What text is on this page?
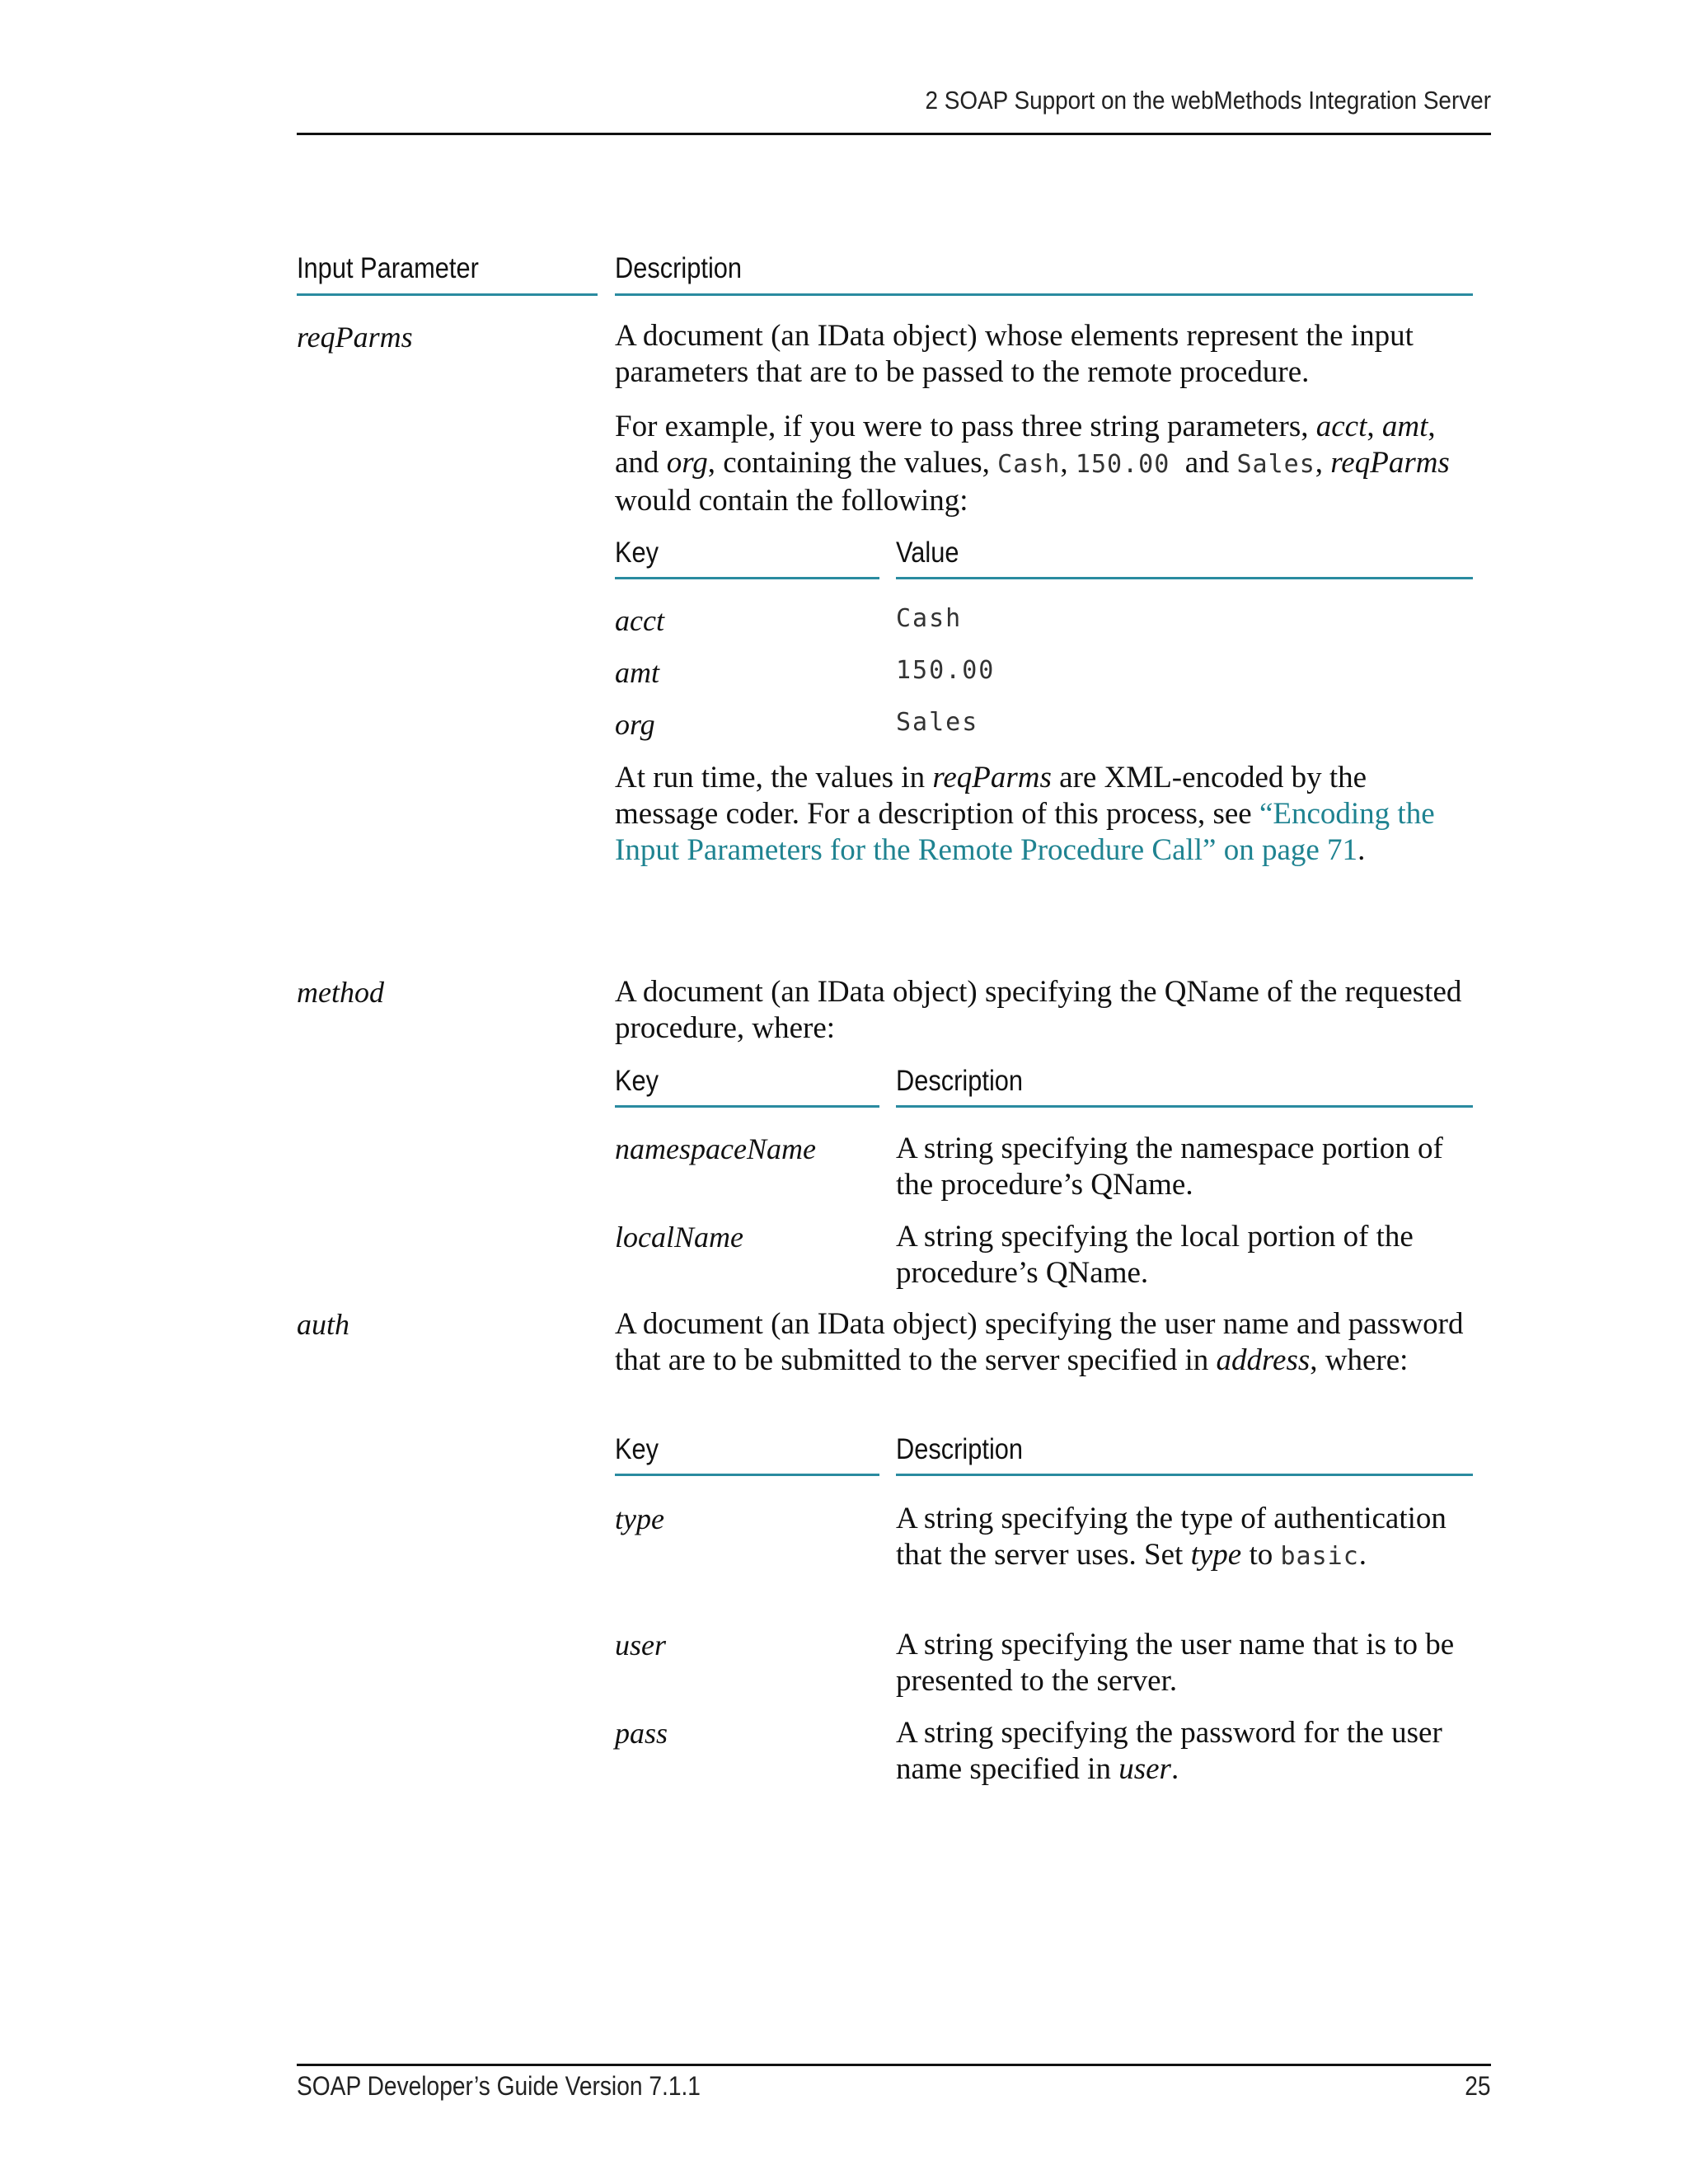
2 SOAP Support on the webMethods Integration Server
Input Parameter	Description
reqParms	A document (an IData object) whose elements represent the input parameters that are to be passed to the remote procedure.
For example, if you were to pass three string parameters, acct, amt, and org, containing the values, Cash, 150.00  and Sales, reqParms would contain the following:
Key	Value
acct	Cash
amt	150.00
org	Sales
At run time, the values in reqParms are XML-encoded by the message coder. For a description of this process, see “Encoding the Input Parameters for the Remote Procedure Call” on page 71.
method	A document (an IData object) specifying the QName of the requested procedure, where:
Key	Description
namespaceName	A string specifying the namespace portion of the procedure’s QName.
localName	A string specifying the local portion of the procedure’s QName.
auth	A document (an IData object) specifying the user name and password that are to be submitted to the server specified in address, where:
Key	Description
type	A string specifying the type of authentication that the server uses. Set type to basic.
user	A string specifying the user name that is to be presented to the server.
pass	A string specifying the password for the user name specified in user.
SOAP Developer’s Guide Version 7.1.1	25
